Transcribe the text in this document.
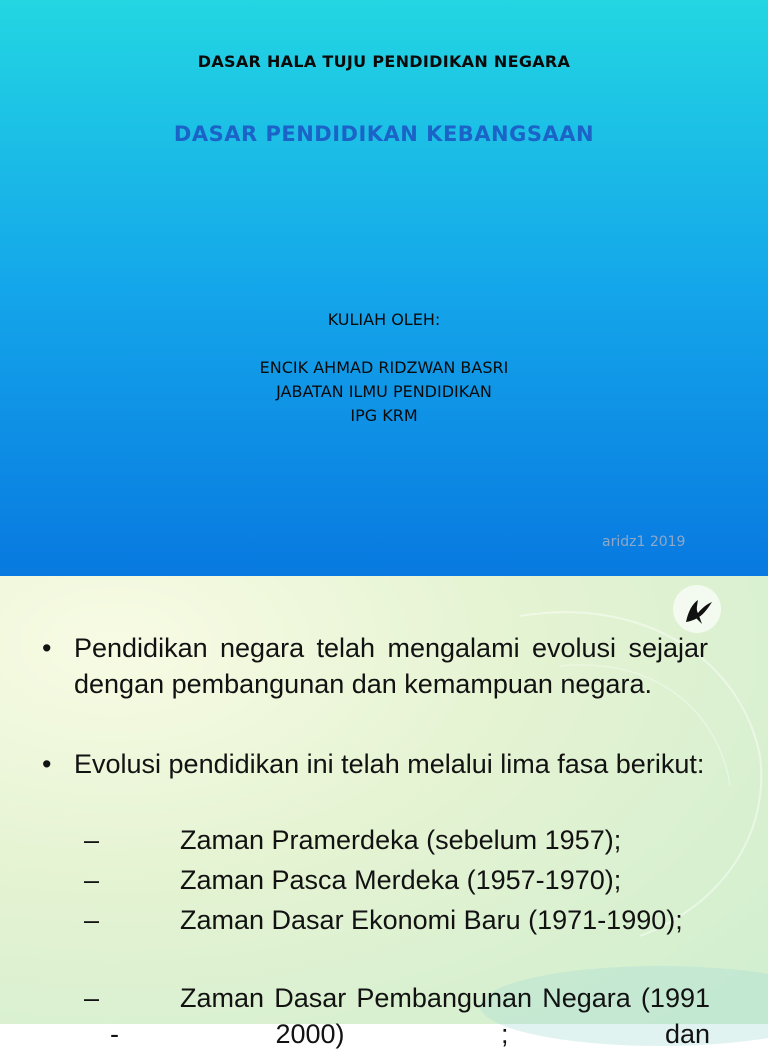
DASAR HALA TUJU PENDIDIKAN NEGARA
DASAR PENDIDIKAN KEBANGSAAN
KULIAH OLEH:
ENCIK AHMAD RIDZWAN BASRI
JABATAN ILMU PENDIDIKAN
IPG KRM
aridz1 2019
• Pendidikan negara telah mengalami evolusi sejajar dengan pembangunan dan kemampuan negara.
• Evolusi pendidikan ini telah melalui lima fasa berikut:
–	Zaman Pramerdeka (sebelum 1957);
–	Zaman Pasca Merdeka (1957-1970);
–	Zaman Dasar Ekonomi Baru (1971-1990);
–	Zaman Dasar Pembangunan Negara (1991 - 2000) ; dan
